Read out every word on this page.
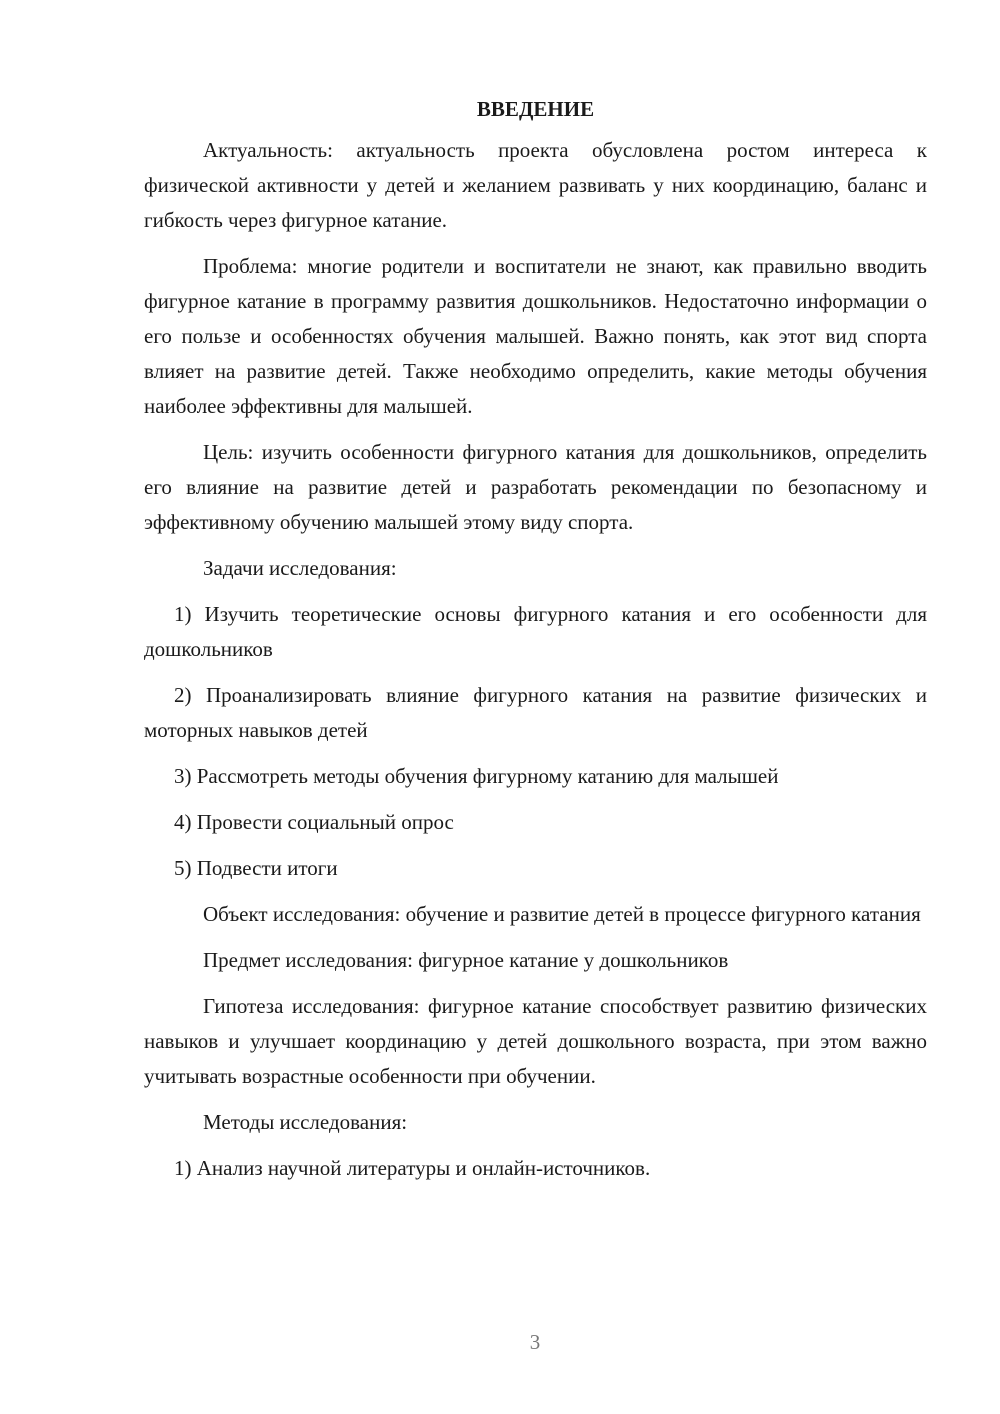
ВВЕДЕНИЕ

Актуальность: актуальность проекта обусловлена ростом интереса к физической активности у детей и желанием развивать у них координацию, баланс и гибкость через фигурное катание.

Проблема: многие родители и воспитатели не знают, как правильно вводить фигурное катание в программу развития дошкольников. Недостаточно информации о его пользе и особенностях обучения малышей. Важно понять, как этот вид спорта влияет на развитие детей. Также необходимо определить, какие методы обучения наиболее эффективны для малышей.

Цель: изучить особенности фигурного катания для дошкольников, определить его влияние на развитие детей и разработать рекомендации по безопасному и эффективному обучению малышей этому виду спорта.

Задачи исследования:

1) Изучить теоретические основы фигурного катания и его особенности для дошкольников

2) Проанализировать влияние фигурного катания на развитие физических и моторных навыков детей

3) Рассмотреть методы обучения фигурному катанию для малышей

4) Провести социальный опрос

5) Подвести итоги

Объект исследования: обучение и развитие детей в процессе фигурного катания

Предмет исследования: фигурное катание у дошкольников

Гипотеза исследования: фигурное катание способствует развитию физических навыков и улучшает координацию у детей дошкольного возраста, при этом важно учитывать возрастные особенности при обучении.

Методы исследования:

1) Анализ научной литературы и онлайн-источников.

3
